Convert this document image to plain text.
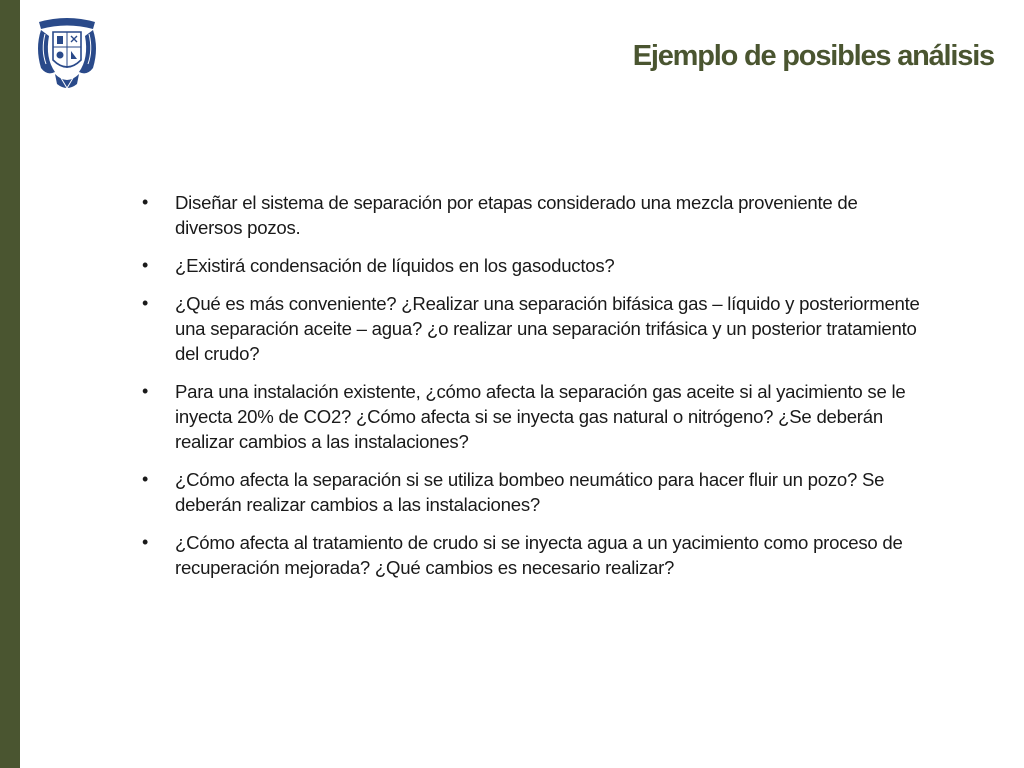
Ejemplo de posibles análisis
• Diseñar el sistema de separación por etapas considerado una mezcla proveniente de diversos pozos.
• ¿Existirá condensación de líquidos en los gasoductos?
• ¿Qué es más conveniente? ¿Realizar una separación bifásica gas – líquido y posteriormente una separación aceite – agua? ¿o realizar una separación trifásica y un posterior tratamiento del crudo?
• Para una instalación existente, ¿cómo afecta la separación gas aceite si al yacimiento se le inyecta 20% de CO2? ¿Cómo afecta si se inyecta gas natural o nitrógeno? ¿Se deberán realizar cambios a las instalaciones?
• ¿Cómo afecta la separación si se utiliza bombeo neumático para hacer fluir un pozo? Se deberán realizar cambios a las instalaciones?
• ¿Cómo afecta al tratamiento de crudo si se inyecta agua a un yacimiento como proceso de recuperación mejorada? ¿Qué cambios es necesario realizar?
